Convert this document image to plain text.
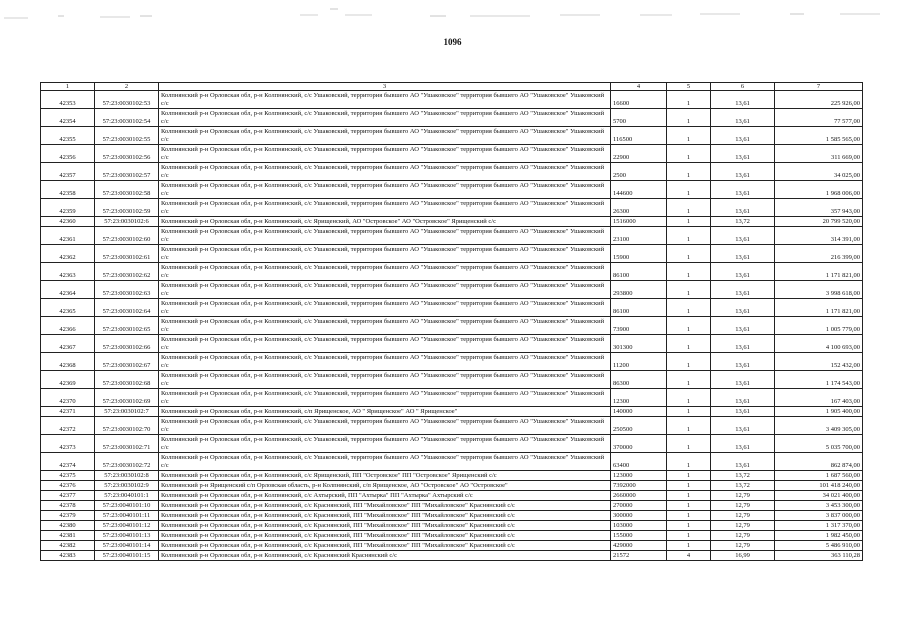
1096
1	2	3	4	5	6	7
42353	57:23:0030102:53	Колпнянский р-н Орловская обл, р-н Колпнянский, с/с Ушаковский, территория бывшего АО "Ушаковское" территория бывшего АО "Ушаковское" Ушаковский с/с	16600	1	13,61	225 926,00
42354	57:23:0030102:54	Колпнянский р-н Орловская обл, р-н Колпнянский, с/с Ушаковский, территория бывшего АО "Ушаковское" территория бывшего АО "Ушаковское" Ушаковский с/с	5700	1	13,61	77 577,00
42355	57:23:0030102:55	Колпнянский р-н Орловская обл, р-н Колпнянский, с/с Ушаковский, территория бывшего АО "Ушаковское" территория бывшего АО "Ушаковское" Ушаковский с/с	116500	1	13,61	1 585 565,00
42356	57:23:0030102:56	Колпнянский р-н Орловская обл, р-н Колпнянский, с/с Ушаковский, территория бывшего АО "Ушаковское" территория бывшего АО "Ушаковское" Ушаковский с/с	22900	1	13,61	311 669,00
42357	57:23:0030102:57	Колпнянский р-н Орловская обл, р-н Колпнянский, с/с Ушаковский, территория бывшего АО "Ушаковское" территория бывшего АО "Ушаковское" Ушаковский с/с	2500	1	13,61	34 025,00
42358	57:23:0030102:58	Колпнянский р-н Орловская обл, р-н Колпнянский, с/с Ушаковский, территория бывшего АО "Ушаковское" территория бывшего АО "Ушаковское" Ушаковский с/с	144600	1	13,61	1 968 006,00
42359	57:23:0030102:59	Колпнянский р-н Орловская обл, р-н Колпнянский, с/с Ушаковский, территория бывшего АО "Ушаковское" территория бывшего АО "Ушаковское" Ушаковский с/с	26300	1	13,61	357 943,00
42360	57:23:0030102:6	Колпнянский р-н Орловская обл, р-н Колпнянский, с/с Ярищенский, АО "Островское" АО "Островское" Ярищенский с/с	1516000	1	13,72	20 799 520,00
42361	57:23:0030102:60	Колпнянский р-н Орловская обл, р-н Колпнянский, с/с Ушаковский, территория бывшего АО "Ушаковское" территория бывшего АО "Ушаковское" Ушаковский с/с	23100	1	13,61	314 391,00
42362	57:23:0030102:61	Колпнянский р-н Орловская обл, р-н Колпнянский, с/с Ушаковский, территория бывшего АО "Ушаковское" территория бывшего АО "Ушаковское" Ушаковский с/с	15900	1	13,61	216 399,00
42363	57:23:0030102:62	Колпнянский р-н Орловская обл, р-н Колпнянский, с/с Ушаковский, территория бывшего АО "Ушаковское" территория бывшего АО "Ушаковское" Ушаковский с/с	86100	1	13,61	1 171 821,00
42364	57:23:0030102:63	Колпнянский р-н Орловская обл, р-н Колпнянский, с/с Ушаковский, территория бывшего АО "Ушаковское" территория бывшего АО "Ушаковское" Ушаковский с/с	293800	1	13,61	3 998 618,00
42365	57:23:0030102:64	Колпнянский р-н Орловская обл, р-н Колпнянский, с/с Ушаковский, территория бывшего АО "Ушаковское" территория бывшего АО "Ушаковское" Ушаковский с/с	86100	1	13,61	1 171 821,00
42366	57:23:0030102:65	Колпнянский р-н Орловская обл, р-н Колпнянский, с/с Ушаковский, территория бывшего АО "Ушаковское" территория бывшего АО "Ушаковское" Ушаковский с/с	73900	1	13,61	1 005 779,00
42367	57:23:0030102:66	Колпнянский р-н Орловская обл, р-н Колпнянский, с/с Ушаковский, территория бывшего АО "Ушаковское" территория бывшего АО "Ушаковское" Ушаковский с/с	301300	1	13,61	4 100 693,00
42368	57:23:0030102:67	Колпнянский р-н Орловская обл, р-н Колпнянский, с/с Ушаковский, территория бывшего АО "Ушаковское" территория бывшего АО "Ушаковское" Ушаковский с/с	11200	1	13,61	152 432,00
42369	57:23:0030102:68	Колпнянский р-н Орловская обл, р-н Колпнянский, с/с Ушаковский, территория бывшего АО "Ушаковское" территория бывшего АО "Ушаковское" Ушаковский с/с	86300	1	13,61	1 174 543,00
42370	57:23:0030102:69	Колпнянский р-н Орловская обл, р-н Колпнянский, с/с Ушаковский, территория бывшего АО "Ушаковское" территория бывшего АО "Ушаковское" Ушаковский с/с	12300	1	13,61	167 403,00
42371	57:23:0030102:7	Колпнянский р-н Орловская обл, р-н Колпнянский, с/п Ярищенское, АО " Ярищенское" АО " Ярищенское"	140000	1	13,61	1 905 400,00
42372	57:23:0030102:70	Колпнянский р-н Орловская обл, р-н Колпнянский, с/с Ушаковский, территория бывшего АО "Ушаковское" территория бывшего АО "Ушаковское" Ушаковский с/с	250500	1	13,61	3 409 305,00
42373	57:23:0030102:71	Колпнянский р-н Орловская обл, р-н Колпнянский, с/с Ушаковский, территория бывшего АО "Ушаковское" территория бывшего АО "Ушаковское" Ушаковский с/с	370000	1	13,61	5 035 700,00
42374	57:23:0030102:72	Колпнянский р-н Орловская обл, р-н Колпнянский, с/с Ушаковский, территория бывшего АО "Ушаковское" территория бывшего АО "Ушаковское" Ушаковский с/с	63400	1	13,61	862 874,00
42375	57:23:0030102:8	Колпнянский р-н Орловская обл, р-н Колпнянский, с/с Ярищенский, ПП "Островское" ПП "Островское" Ярищенский с/с	123000	1	13,72	1 687 560,00
42376	57:23:0030102:9	Колпнянский р-н Ярищенский с/п Орловская область, р-н Колпнянский, с/п Ярищенское, АО "Островское" АО "Островское"	7392000	1	13,72	101 418 240,00
42377	57:23:0040101:1	Колпнянский р-н Орловская обл, р-н Колпнянский, с/с Ахтырский, ПП "Ахтырка" ПП "Ахтырка" Ахтырский с/с	2660000	1	12,79	34 021 400,00
42378	57:23:0040101:10	Колпнянский р-н Орловская обл, р-н Колпнянский, с/с Краснянский, ПП "Михайловское" ПП "Михайловское" Краснянский с/с	270000	1	12,79	3 453 300,00
42379	57:23:0040101:11	Колпнянский р-н Орловская обл, р-н Колпнянский, с/с Краснянский, ПП "Михайловское" ПП "Михайловское" Краснянский с/с	300000	1	12,79	3 837 000,00
42380	57:23:0040101:12	Колпнянский р-н Орловская обл, р-н Колпнянский, с/с Краснянский, ПП "Михайловское" ПП "Михайловское" Краснянский с/с	103000	1	12,79	1 317 370,00
42381	57:23:0040101:13	Колпнянский р-н Орловская обл, р-н Колпнянский, с/с Краснянский, ПП "Михайловское" ПП "Михайловское" Краснянский с/с	155000	1	12,79	1 982 450,00
42382	57:23:0040101:14	Колпнянский р-н Орловская обл, р-н Колпнянский, с/с Краснянский, ПП "Михайловское" ПП "Михайловское" Краснянский с/с	429000	1	12,79	5 486 910,00
42383	57:23:0040101:15	Колпнянский р-н Орловская обл, р-н Колпнянский, с/с Краснянский Краснянский с/с	21572	4	16,99	363 110,28
